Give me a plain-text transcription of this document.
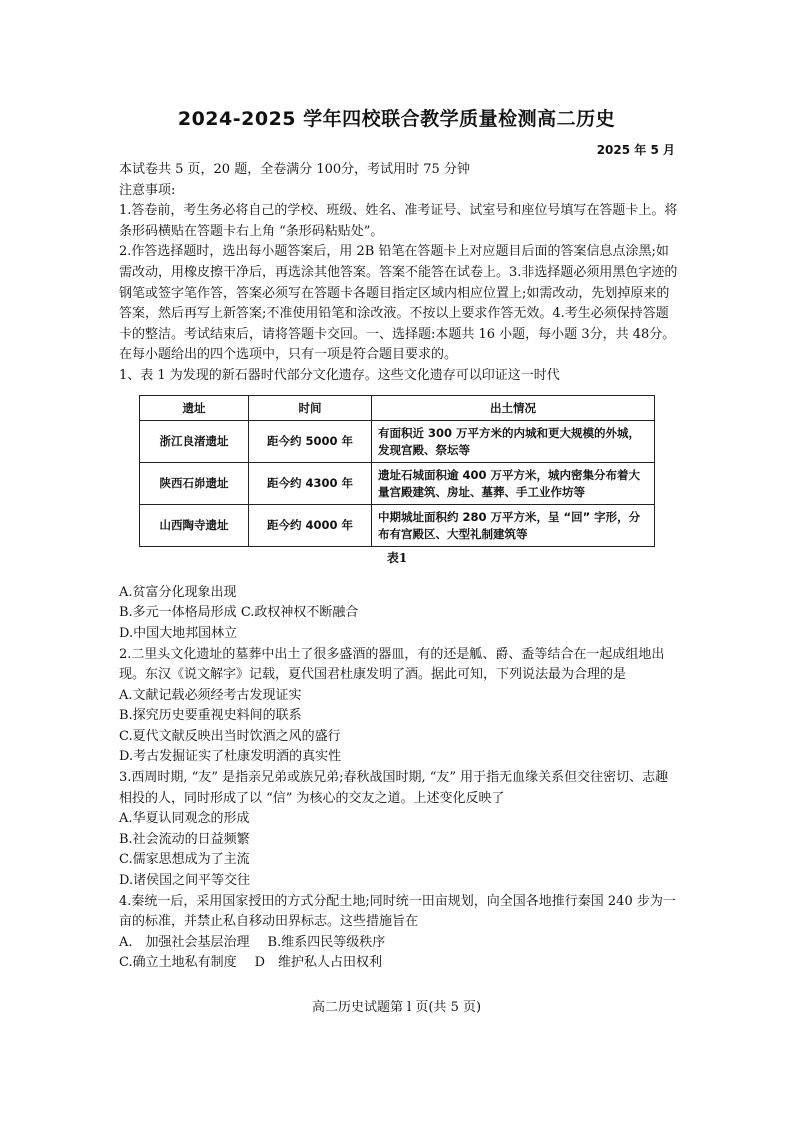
2024-2025 学年四校联合教学质量检测高二历史
2025 年 5 月

本试卷共 5 页，20 题，全卷满分 100分，考试用时 75 分钟

注意事项:

1.答卷前，考生务必将自己的学校、班级、姓名、准考证号、试室号和座位号填写在答题卡上。将条形码横贴在答题卡右上角 “条形码粘贴处”。

2.作答选择题时，选出每小题答案后，用 2B 铅笔在答题卡上对应题目后面的答案信息点涂黑;如需改动，用橡皮擦干净后，再选涂其他答案。答案不能答在试卷上。3.非选择题必须用黑色字迹的钢笔或签字笔作答，答案必须写在答题卡各题目指定区域内相应位置上;如需改动，先划掉原来的答案，然后再写上新答案;不准使用铅笔和涂改液。不按以上要求作答无效。4.考生必须保持答题卡的整洁。考试结束后，请将答题卡交回。一、选择题:本题共 16 小题，每小题 3分，共 48分。在每小题给出的四个选项中，只有一项是符合题目要求的。

1、表 1 为发现的新石器时代部分文化遗存。这些文化遗存可以印证这一时代

遗址	时间	出土情况
浙江良渚遗址	距今约 5000 年	有面积近 300 万平方米的内城和更大规模的外城，发现宫殿、祭坛等
陕西石峁遗址	距今约 4300 年	遗址石城面积逾 400 万平方米，城内密集分布着大量宫殿建筑、房址、墓葬、手工业作坊等
山西陶寺遗址	距今约 4000 年	中期城址面积约 280 万平方米，呈 “回” 字形，分布有宫殿区、大型礼制建筑等
表1

A.贫富分化现象出现

B.多元一体格局形成 C.政权神权不断融合

D.中国大地邦国林立

2.二里头文化遗址的墓葬中出土了很多盛酒的器皿，有的还是觚、爵、盉等结合在一起成组地出现。东汉《说文解字》记载，夏代国君杜康发明了酒。据此可知，下列说法最为合理的是

A.文献记载必须经考古发现证实

B.探究历史要重视史料间的联系

C.夏代文献反映出当时饮酒之风的盛行

D.考古发掘证实了杜康发明酒的真实性

3.西周时期, “友” 是指亲兄弟或族兄弟;春秋战国时期, “友” 用于指无血缘关系但交往密切、志趣相投的人，同时形成了以 “信” 为核心的交友之道。上述变化反映了

A.华夏认同观念的形成

B.社会流动的日益频繁

C.儒家思想成为了主流

D.诸侯国之间平等交往

4.秦统一后，采用国家授田的方式分配土地;同时统一田亩规划，向全国各地推行秦国 240 步为一亩的标准，并禁止私自移动田界标志。这些措施旨在

A.　加强社会基层治理 B.维系四民等级秩序

C.确立土地私有制度 D　维护私人占田权利

高二历史试题第 l 页(共 5 页)
